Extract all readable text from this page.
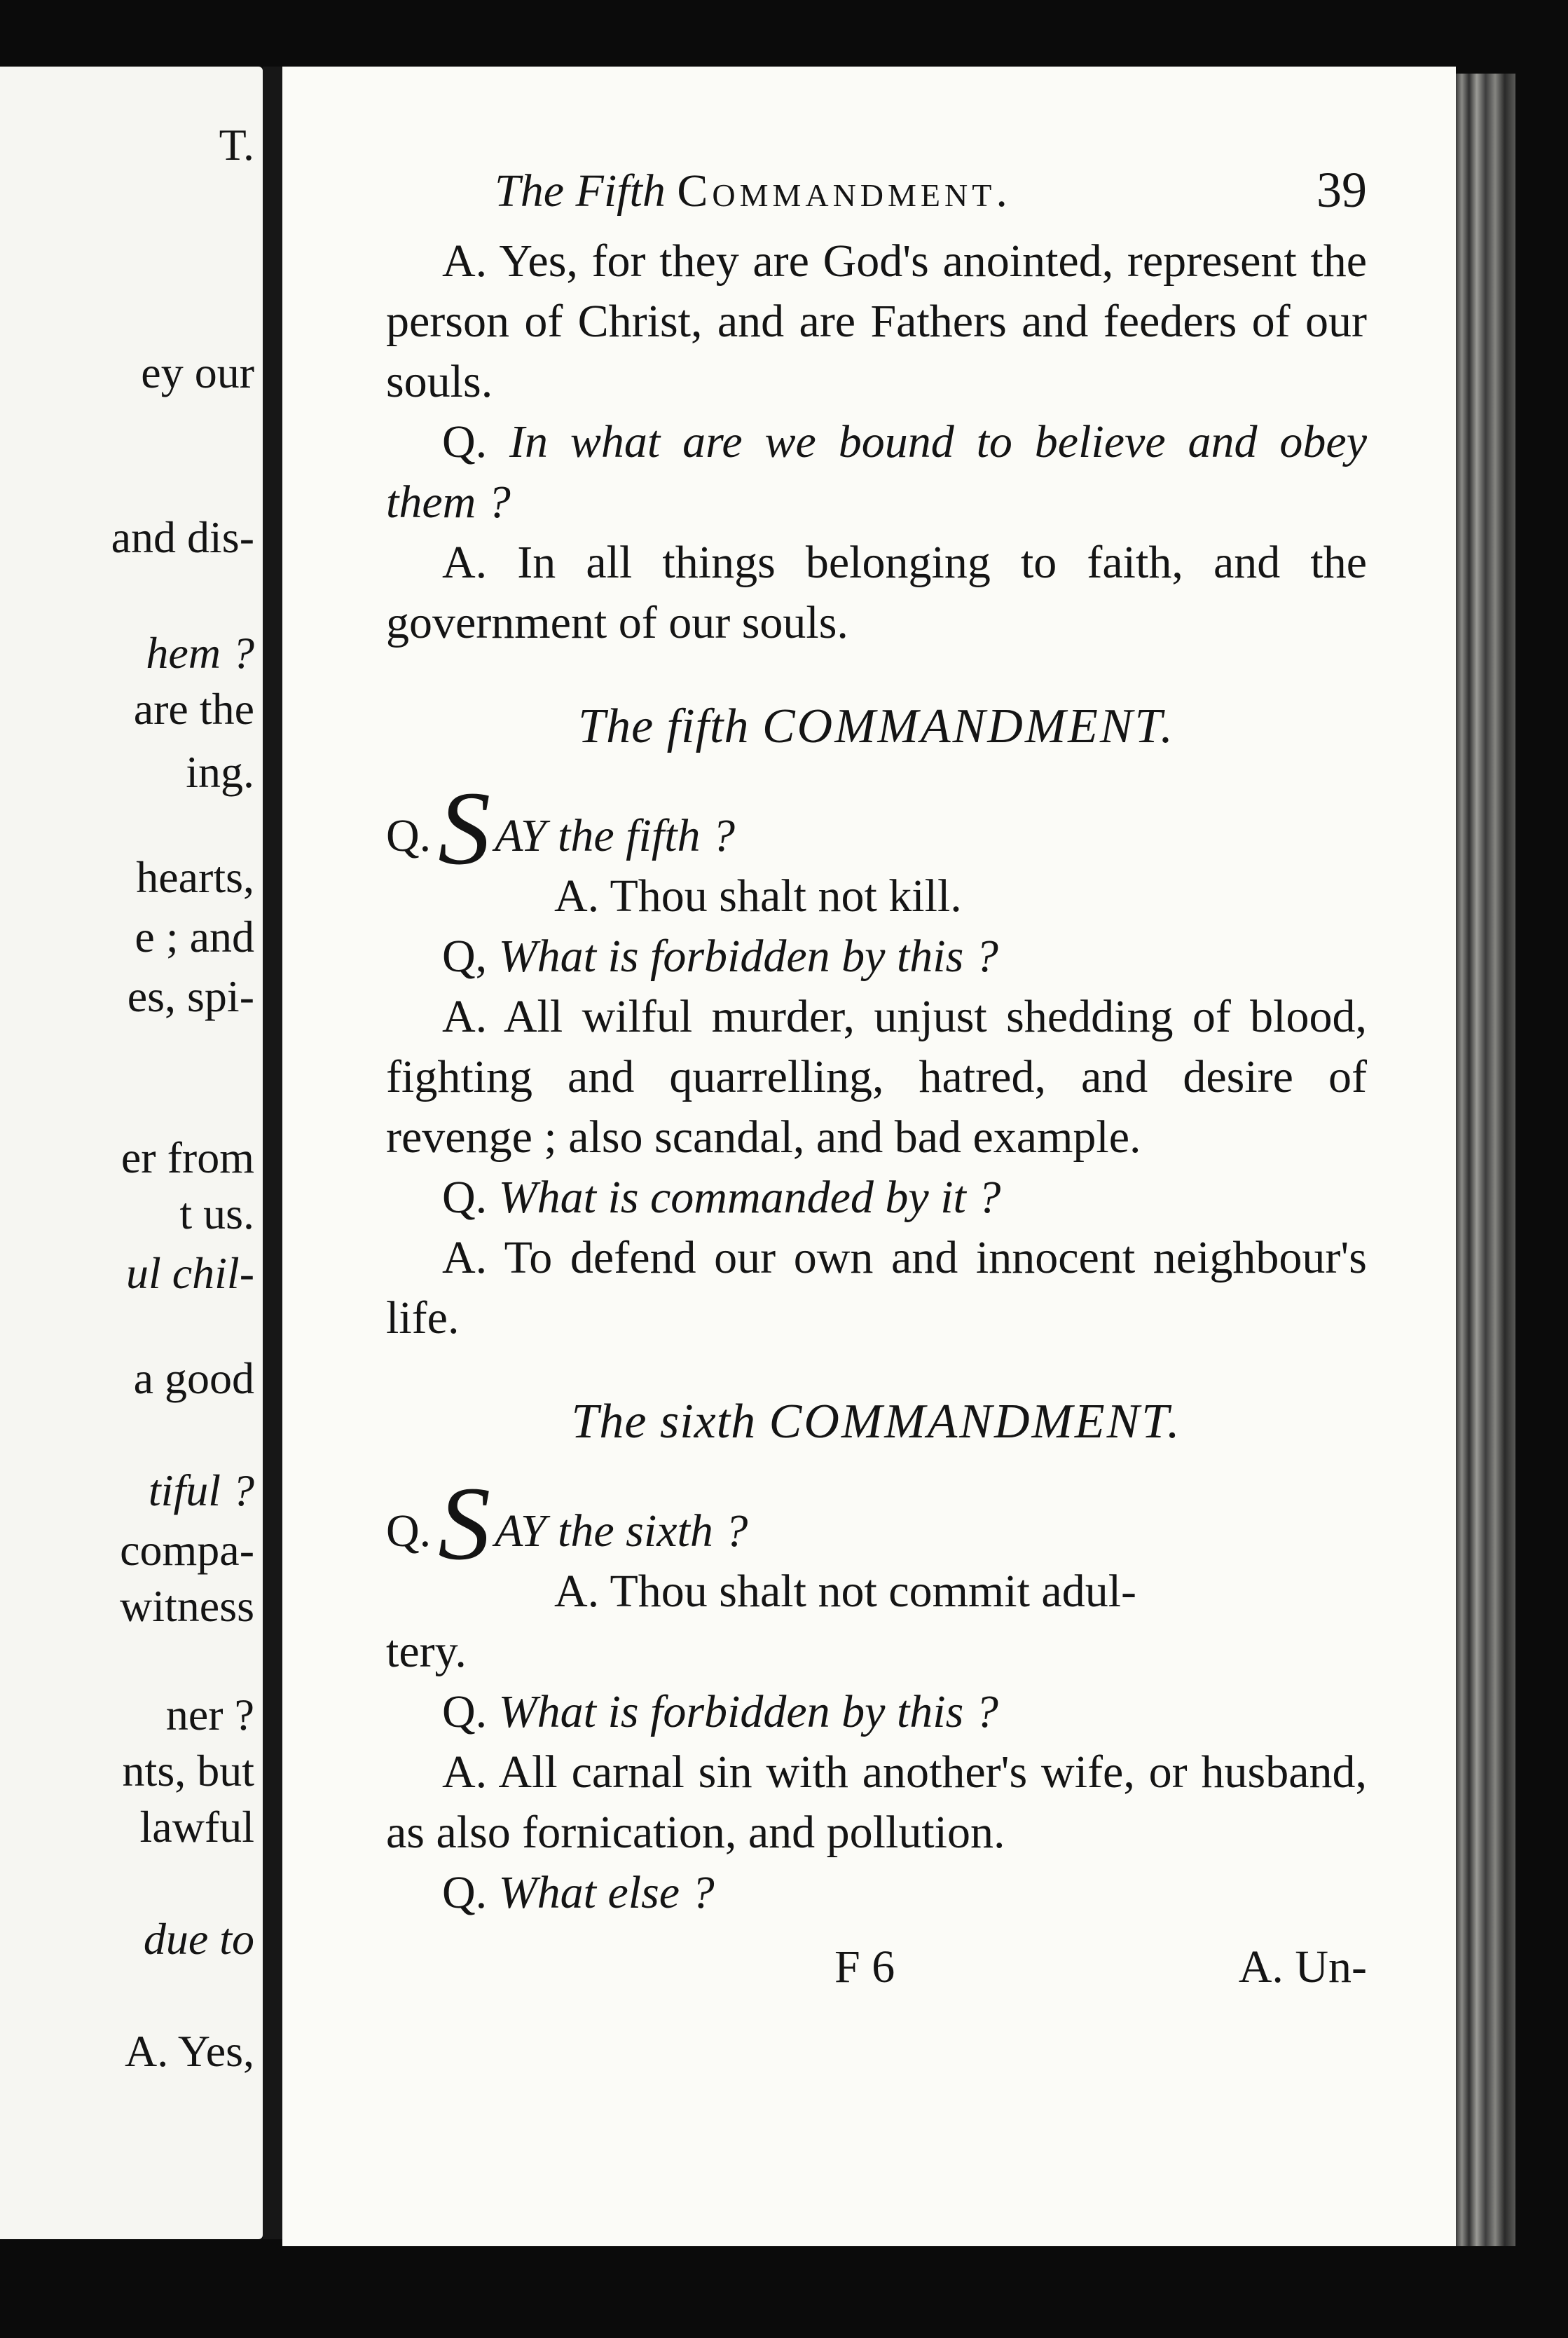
T.
ey our
and dis-
hem ?
are the
ing.
hearts,
e ; and
es, spi-
er from
t us.
ul chil-
a good
tiful ?
compa-
witness
ner ?
nts, but
lawful
due to
A. Yes,
The Fifth Commandment.	39

A. Yes, for they are God's anointed, represent the person of Christ, and are Fathers and feeders of our souls.

Q. In what are we bound to believe and obey them ?

A. In all things belonging to faith, and the government of our souls.

The fifth COMMANDMENT.

Q.SAY the fifth ?

A. Thou shalt not kill.

Q, What is forbidden by this ?

A. All wilful murder, unjust shedding of blood, fighting and quarrelling, hatred, and desire of revenge ; also scandal, and bad example.

Q. What is commanded by it ?

A. To defend our own and innocent neighbour's life.

The sixth COMMANDMENT.

Q.SAY the sixth ?

A. Thou shalt not commit adul-

tery.

Q. What is forbidden by this ?

A. All carnal sin with another's wife, or husband, as also fornication, and pollution.

Q. What else ?

F 6	A. Un-
